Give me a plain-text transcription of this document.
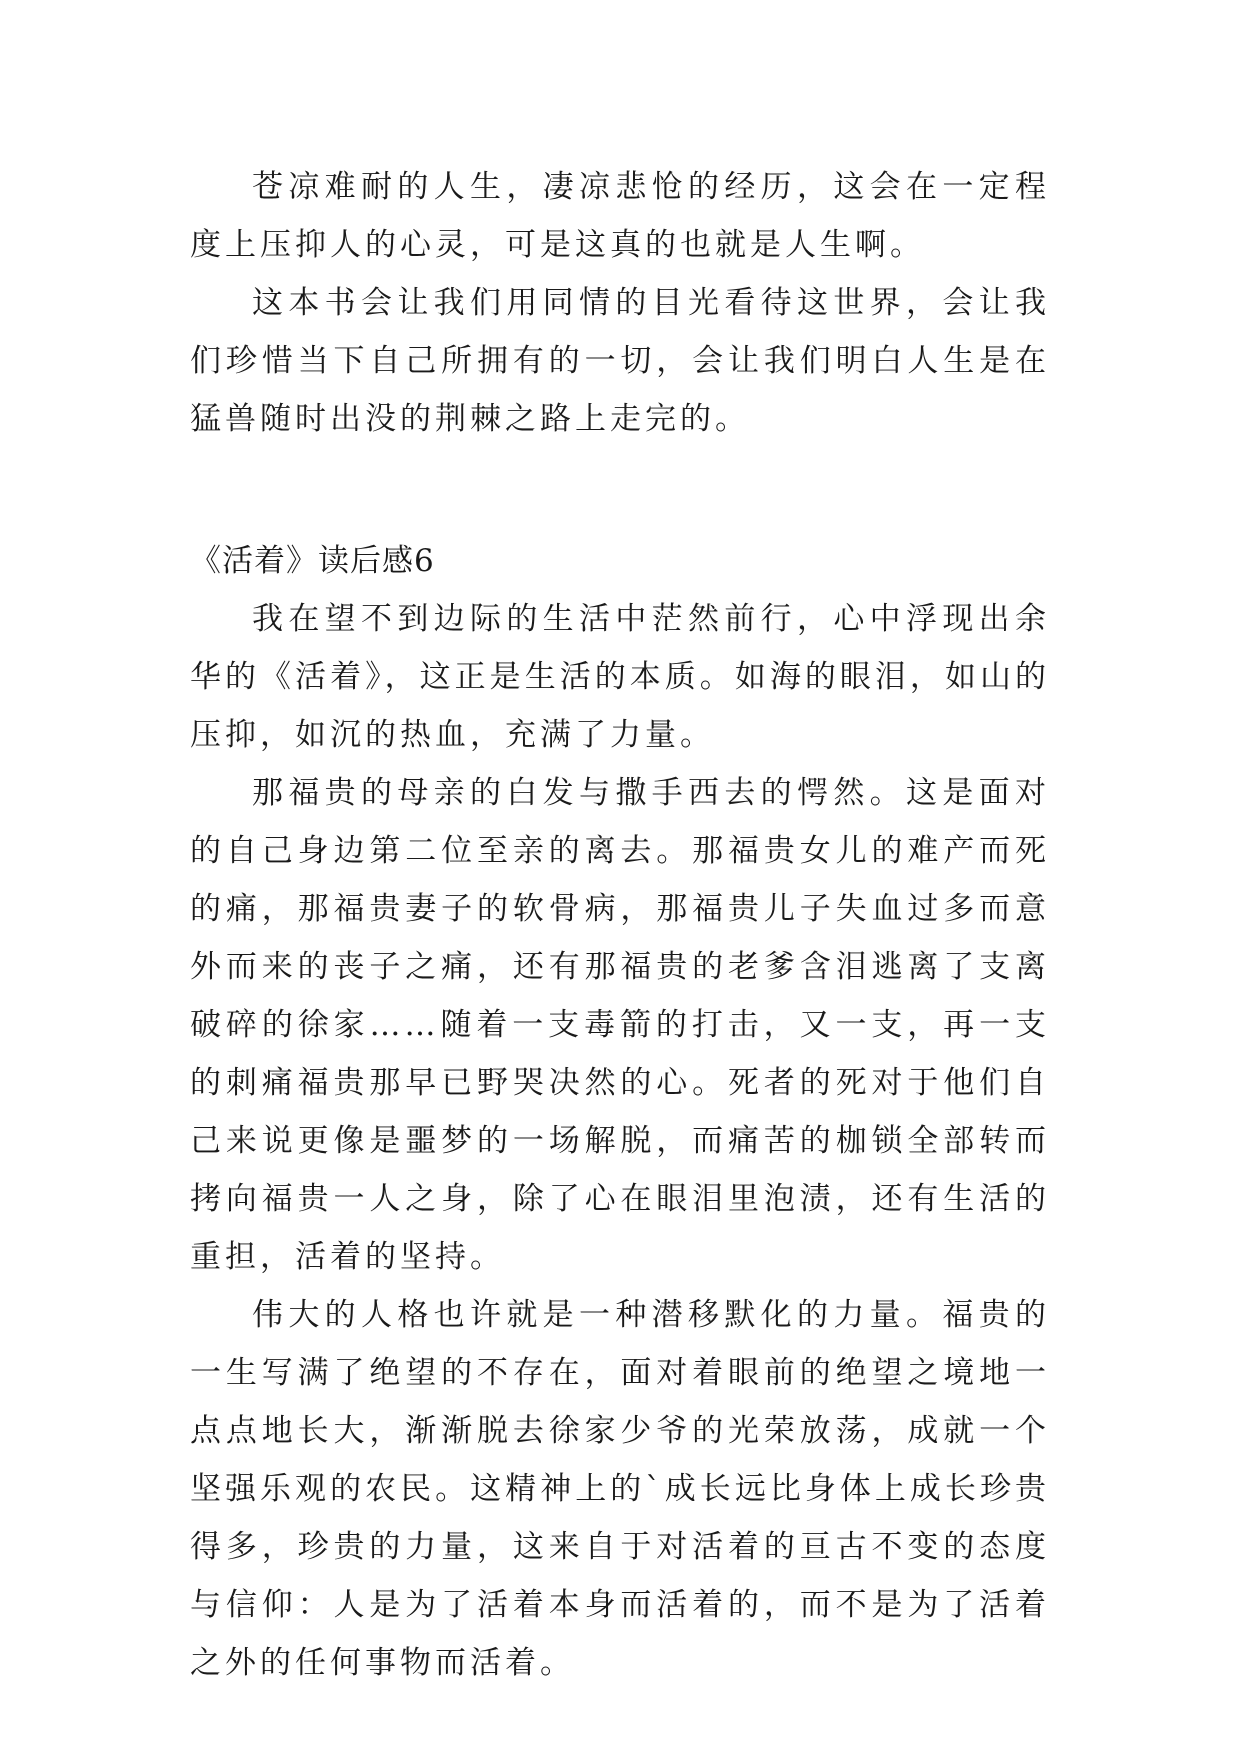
苍凉难耐的人生，凄凉悲怆的经历，这会在一定程度上压抑人的心灵，可是这真的也就是人生啊。

这本书会让我们用同情的目光看待这世界，会让我们珍惜当下自己所拥有的一切，会让我们明白人生是在猛兽随时出没的荆棘之路上走完的。

《活着》读后感6

我在望不到边际的生活中茫然前行，心中浮现出余华的《活着》，这正是生活的本质。如海的眼泪，如山的压抑，如沉的热血，充满了力量。

那福贵的母亲的白发与撒手西去的愕然。这是面对的自己身边第二位至亲的离去。那福贵女儿的难产而死的痛，那福贵妻子的软骨病，那福贵儿子失血过多而意外而来的丧子之痛，还有那福贵的老爹含泪逃离了支离破碎的徐家……随着一支毒箭的打击，又一支，再一支的刺痛福贵那早已野哭决然的心。死者的死对于他们自己来说更像是噩梦的一场解脱，而痛苦的枷锁全部转而拷向福贵一人之身，除了心在眼泪里泡渍，还有生活的重担，活着的坚持。

伟大的人格也许就是一种潜移默化的力量。福贵的一生写满了绝望的不存在，面对着眼前的绝望之境地一点点地长大，渐渐脱去徐家少爷的光荣放荡，成就一个坚强乐观的农民。这精神上的`成长远比身体上成长珍贵得多，珍贵的力量，这来自于对活着的亘古不变的态度与信仰：人是为了活着本身而活着的，而不是为了活着之外的任何事物而活着。
